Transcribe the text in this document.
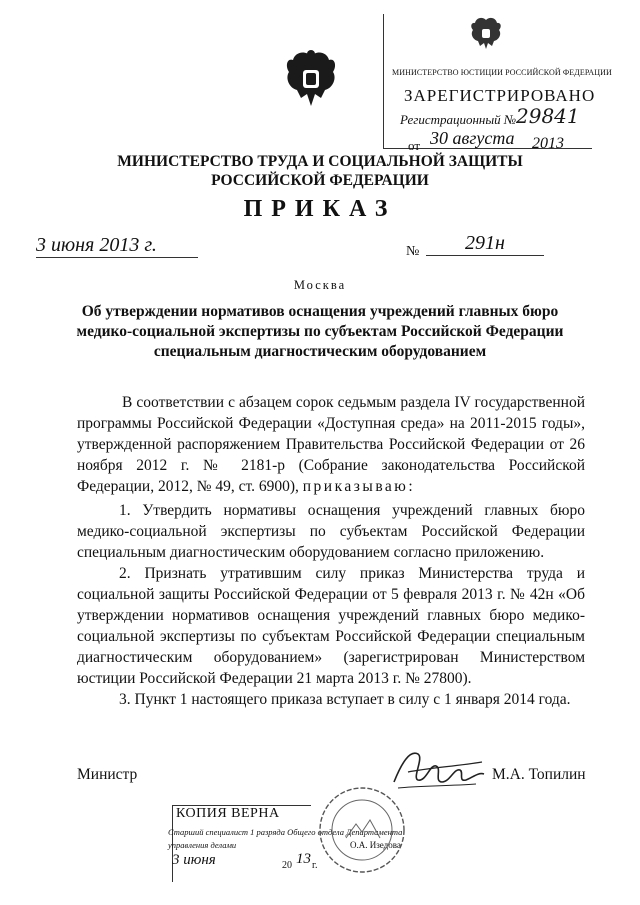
МИНИСТЕРСТВО ЮСТИЦИИ РОССИЙСКОЙ ФЕДЕРАЦИИ
ЗАРЕГИСТРИРОВАНО
Регистрационный № 29841
от 30 августа 2013
МИНИСТЕРСТВО ТРУДА И СОЦИАЛЬНОЙ ЗАЩИТЫ
РОССИЙСКОЙ ФЕДЕРАЦИИ
ПРИКАЗ
3 июня 2013 г.	№	291н
Москва
Об утверждении нормативов оснащения учреждений главных бюро
медико-социальной экспертизы по субъектам Российской Федерации
специальным диагностическим оборудованием
В соответствии с абзацем сорок седьмым раздела IV государственной программы Российской Федерации «Доступная среда» на 2011-2015 годы», утвержденной распоряжением Правительства Российской Федерации от 26 ноября 2012 г. № 2181-р (Собрание законодательства Российской Федерации, 2012, № 49, ст. 6900), приказываю:
1. Утвердить нормативы оснащения учреждений главных бюро медико-социальной экспертизы по субъектам Российской Федерации специальным диагностическим оборудованием согласно приложению.
2. Признать утратившим силу приказ Министерства труда и социальной защиты Российской Федерации от 5 февраля 2013 г. № 42н «Об утверждении нормативов оснащения учреждений главных бюро медико-социальной экспертизы по субъектам Российской Федерации специальным диагностическим оборудованием» (зарегистрирован Министерством юстиции Российской Федерации 21 марта 2013 г. № 27800).
3. Пункт 1 настоящего приказа вступает в силу с 1 января 2014 года.
Министр	М.А. Топилин
КОПИЯ ВЕРНА
Старший специалист 1 разряда Общего отдела Департамента
управления делами	О.А. Изедова
3 июня	20 13 г.
